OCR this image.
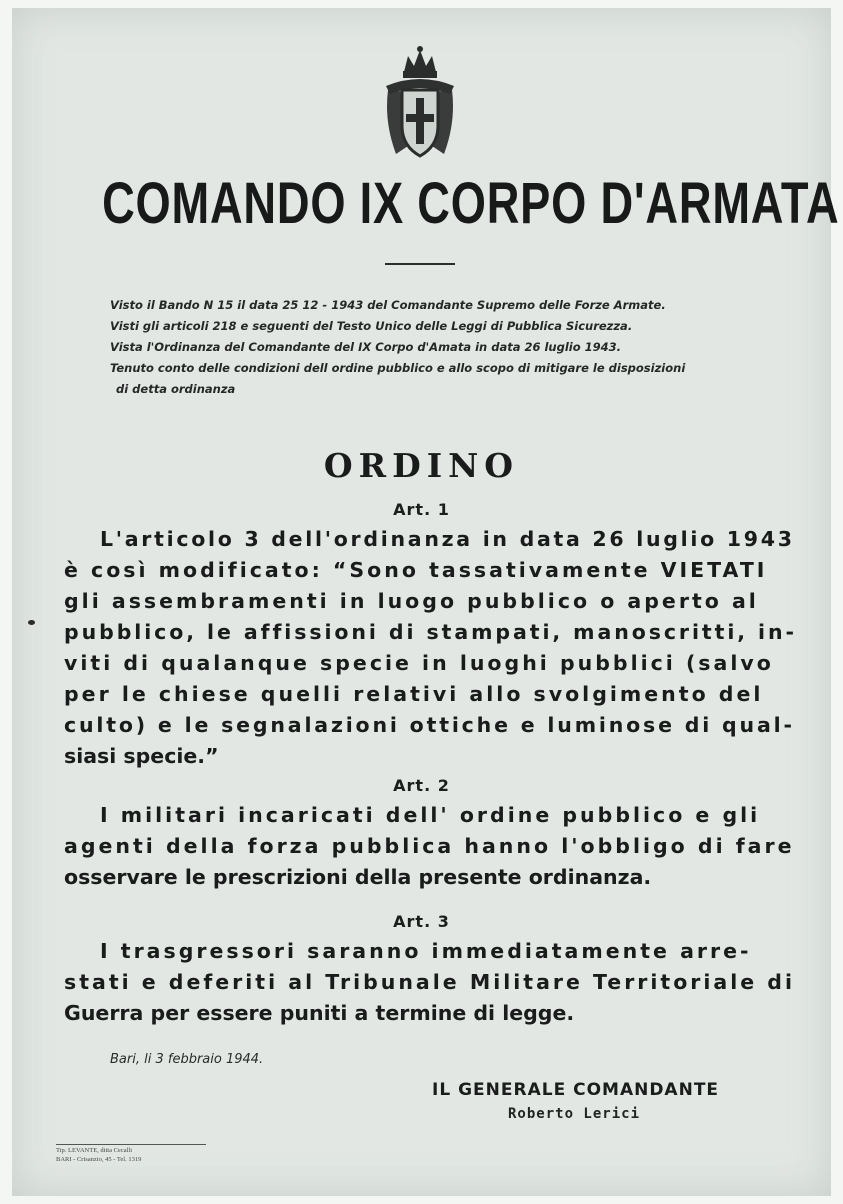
COMANDO IX CORPO D'ARMATA
Visto il Bando N 15 il data 25 12 - 1943 del Comandante Supremo delle Forze Armate.
Visti gli articoli 218 e seguenti del Testo Unico delle Leggi di Pubblica Sicurezza.
Vista l'Ordinanza del Comandante del IX Corpo d'Amata in data 26 luglio 1943.
Tenuto conto delle condizioni dell ordine pubblico e allo scopo di mitigare le disposizioni
di detta ordinanza
ORDINO
Art. 1
L'articolo 3 dell'ordinanza in data 26 luglio 1943
è così modificato: “Sono tassativamente VIETATI
gli assembramenti in luogo pubblico o aperto al
pubblico, le affissioni di stampati, manoscritti, in-
viti di qualanque specie in luoghi pubblici (salvo
per le chiese quelli relativi allo svolgimento del
culto) e le segnalazioni ottiche e luminose di qual-
siasi specie.”
Art. 2
I militari incaricati dell' ordine pubblico e gli
agenti della forza pubblica hanno l'obbligo di fare
osservare le prescrizioni della presente ordinanza.
Art. 3
I trasgressori saranno immediatamente arre-
stati e deferiti al Tribunale Militare Territoriale di
Guerra per essere puniti a termine di legge.
Bari, li 3 febbraio 1944.
IL GENERALE COMANDANTE
Roberto Lerici
Tip. LEVANTE, ditta Cecalli
BARI - Crisanzio, 45 - Tel. 1319
